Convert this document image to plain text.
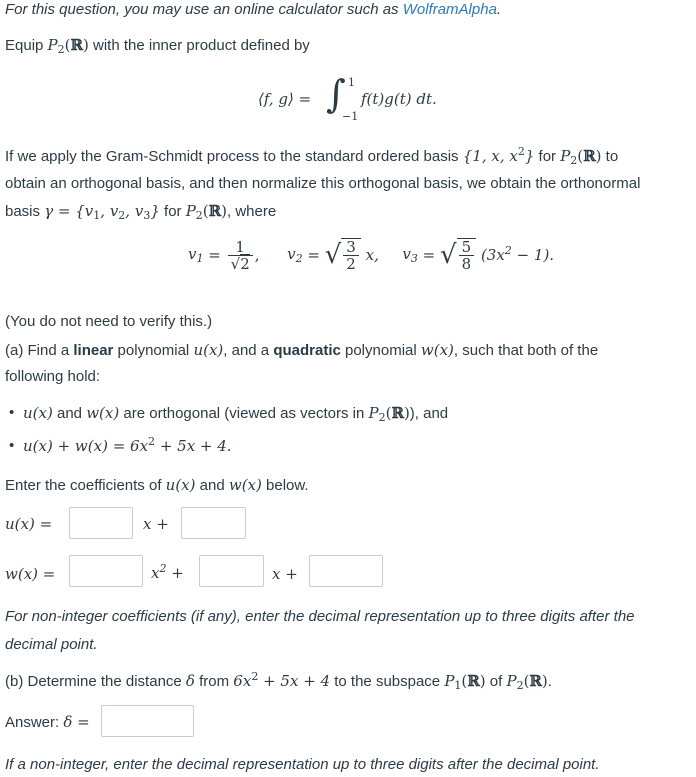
For this question, you may use an online calculator such as WolframAlpha.
Equip $P_2(ℝ)$ with the inner product defined by
⟨f, g⟩ = ∫ 1
−1
f(t)g(t) dt.
If we apply the Gram-Schmidt process to the standard ordered basis {1, x, $x^2$} for $P_2(ℝ)$ to
obtain an orthogonal basis, and then normalize this orthogonal basis, we obtain the orthonormal
basis $\gamma = \{v_1$, $v_2$, $v_3$} for $P_2(ℝ)$, where
$v_1 = \frac{1}{√2}$ , $v_2$ = √ $\frac{3}{2} x$, $v_3$ = √ $\frac{5}{8} (3x^2 - 1)$.
(You do not need to verify this.)
(a) Find a linear polynomial u(x), and a quadratic polynomial w(x), such that both of the
following hold:
• u(x) and w(x) are orthogonal (viewed as vectors in $P_2(ℝ)$), and
• $u(x) + w(x) = 6x^2 + 5x + 4$.
Enter the coefficients of u(x) and w(x) below.
u(x) =	x +
w(x) =	$x^2$ +	x +
For non-integer coefficients (if any), enter the decimal representation up to three digits after the
decimal point.
(b) Determine the distance δ from $6x^2 + 5x + 4$ to the subspace $P_1(ℝ)$ of $P_2(ℝ)$.
Answer: δ =
If a non-integer, enter the decimal representation up to three digits after the decimal point.
